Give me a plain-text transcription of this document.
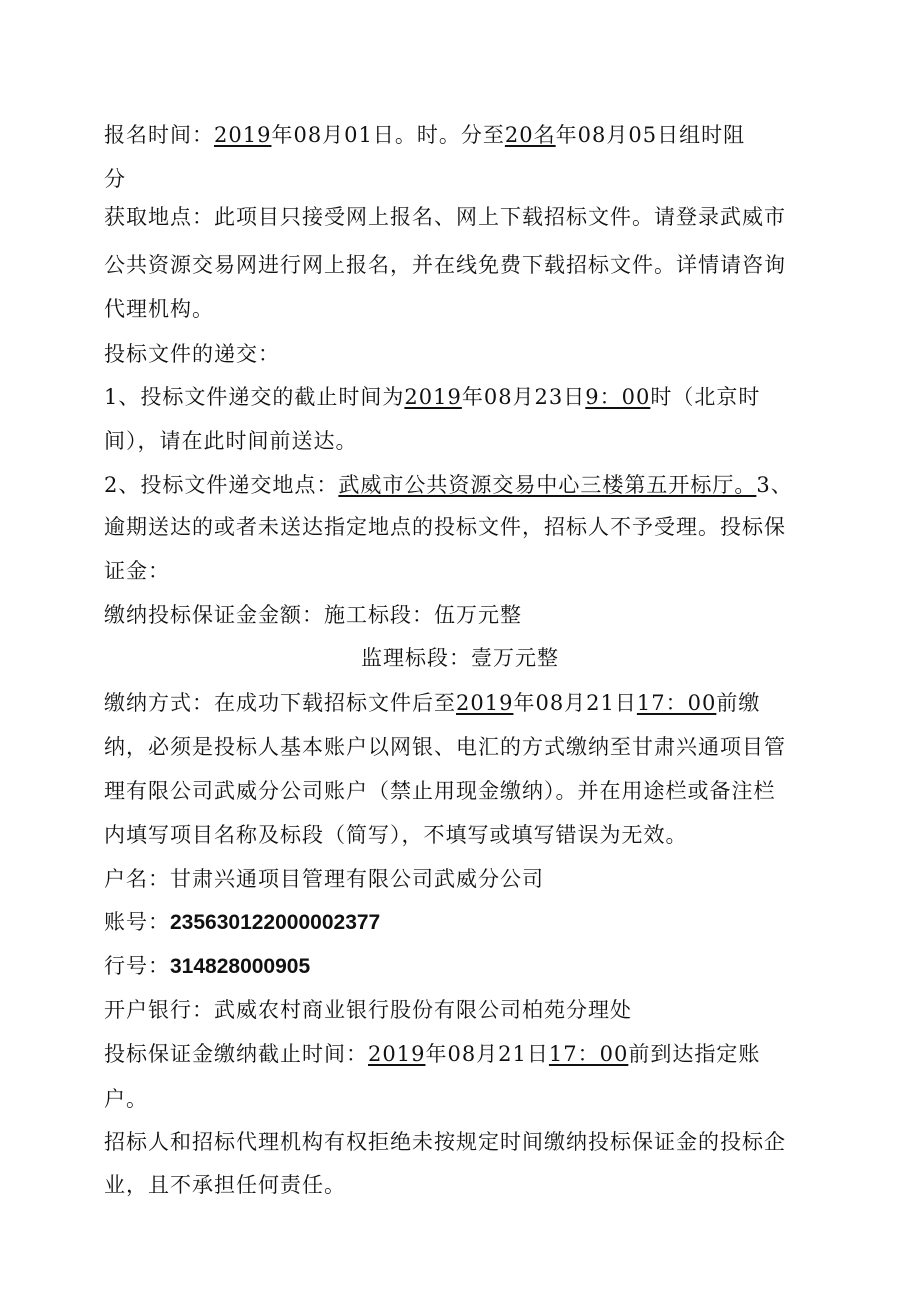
报名时间：2019年08月01日。时。分至20名年08月05日组时阻
分
获取地点：此项目只接受网上报名、网上下载招标文件。请登录武威市
公共资源交易网进行网上报名，并在线免费下载招标文件。详情请咨询
代理机构。
投标文件的递交：
1、投标文件递交的截止时间为2019年08月23日9：00时（北京时
间），请在此时间前送达。
2、投标文件递交地点：武威市公共资源交易中心三楼第五开标厅。3、
逾期送达的或者未送达指定地点的投标文件，招标人不予受理。投标保
证金：
缴纳投标保证金金额：施工标段：伍万元整
监理标段：壹万元整
缴纳方式：在成功下载招标文件后至2019年08月21日17：00前缴
纳，必须是投标人基本账户以网银、电汇的方式缴纳至甘肃兴通项目管
理有限公司武威分公司账户（禁止用现金缴纳）。并在用途栏或备注栏
内填写项目名称及标段（简写），不填写或填写错误为无效。
户名：甘肃兴通项目管理有限公司武威分公司
账号：235630122000002377
行号：314828000905
开户银行：武威农村商业银行股份有限公司柏苑分理处
投标保证金缴纳截止时间：2019年08月21日17：00前到达指定账
户。
招标人和招标代理机构有权拒绝未按规定时间缴纳投标保证金的投标企
业，且不承担任何责任。
